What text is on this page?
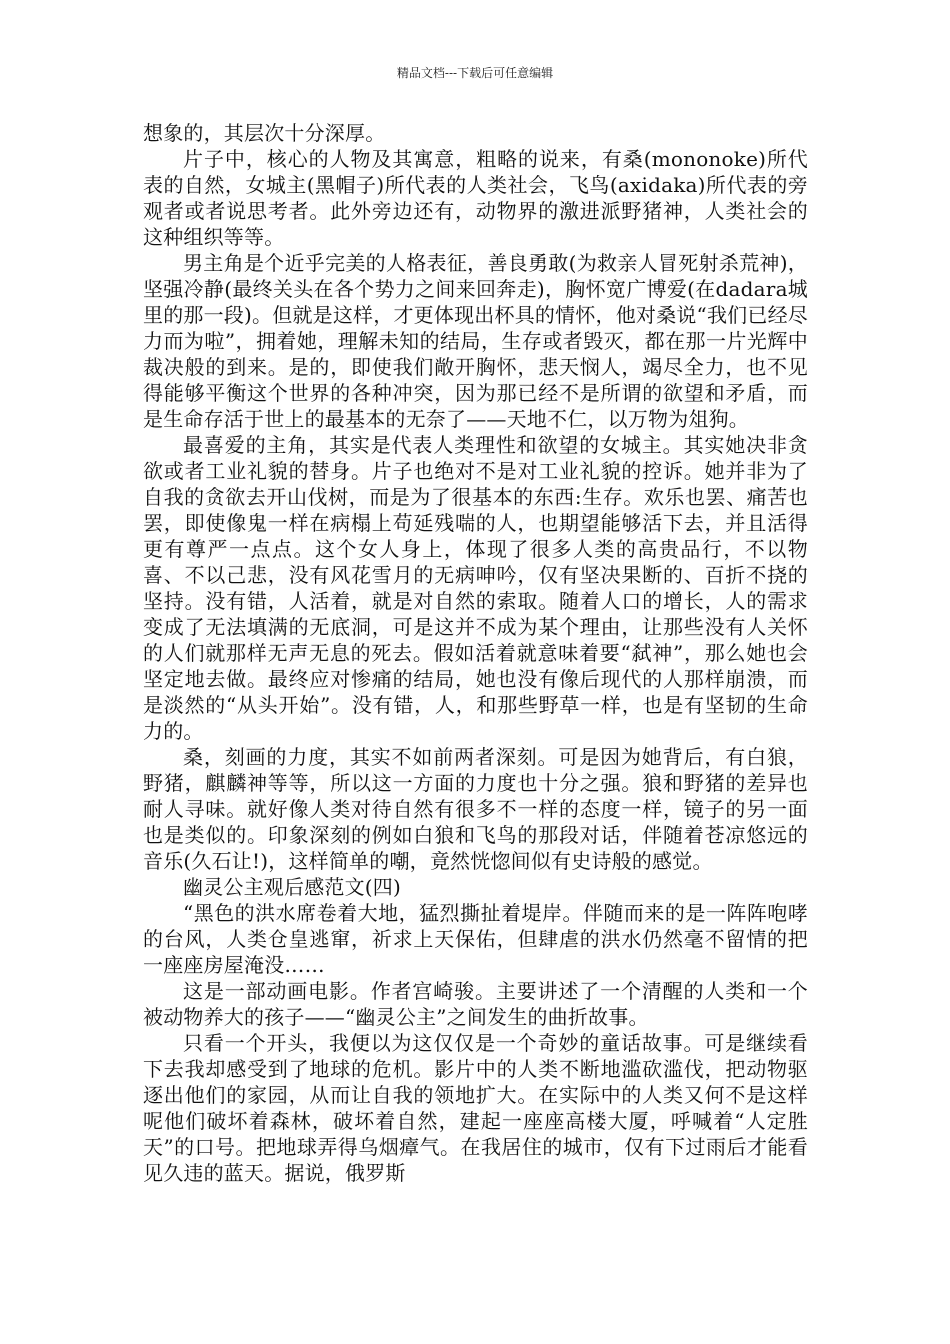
精品文档---下载后可任意编辑

想象的，其层次十分深厚。

片子中，核心的人物及其寓意，粗略的说来，有桑(mononoke)所代表的自然，女城主(黑帽子)所代表的人类社会，飞鸟(axidaka)所代表的旁观者或者说思考者。此外旁边还有，动物界的激进派野猪神，人类社会的这种组织等等。

男主角是个近乎完美的人格表征，善良勇敢(为救亲人冒死射杀荒神)，坚强冷静(最终关头在各个势力之间来回奔走)，胸怀宽广博爱(在dadara城里的那一段)。但就是这样，才更体现出杯具的情怀，他对桑说“我们已经尽力而为啦”，拥着她，理解未知的结局，生存或者毁灭，都在那一片光辉中裁决般的到来。是的，即使我们敞开胸怀，悲天悯人，竭尽全力，也不见得能够平衡这个世界的各种冲突，因为那已经不是所谓的欲望和矛盾，而是生命存活于世上的最基本的无奈了——天地不仁，以万物为俎狗。

最喜爱的主角，其实是代表人类理性和欲望的女城主。其实她决非贪欲或者工业礼貌的替身。片子也绝对不是对工业礼貌的控诉。她并非为了自我的贪欲去开山伐树，而是为了很基本的东西:生存。欢乐也罢、痛苦也罢，即使像鬼一样在病榻上苟延残喘的人，也期望能够活下去，并且活得更有尊严一点点。这个女人身上，体现了很多人类的高贵品行，不以物喜、不以己悲，没有风花雪月的无病呻吟，仅有坚决果断的、百折不挠的坚持。没有错，人活着，就是对自然的索取。随着人口的增长，人的需求变成了无法填满的无底洞，可是这并不成为某个理由，让那些没有人关怀的人们就那样无声无息的死去。假如活着就意味着要“弑神”，那么她也会坚定地去做。最终应对惨痛的结局，她也没有像后现代的人那样崩溃，而是淡然的“从头开始”。没有错，人，和那些野草一样，也是有坚韧的生命力的。

桑，刻画的力度，其实不如前两者深刻。可是因为她背后，有白狼，野猪，麒麟神等等，所以这一方面的力度也十分之强。狼和野猪的差异也耐人寻味。就好像人类对待自然有很多不一样的态度一样，镜子的另一面也是类似的。印象深刻的例如白狼和飞鸟的那段对话，伴随着苍凉悠远的音乐(久石让!)，这样简单的嘲，竟然恍惚间似有史诗般的感觉。

幽灵公主观后感范文(四)

“黑色的洪水席卷着大地，猛烈撕扯着堤岸。伴随而来的是一阵阵咆哮的台风，人类仓皇逃窜，祈求上天保佑，但肆虐的洪水仍然毫不留情的把一座座房屋淹没……

这是一部动画电影。作者宫崎骏。主要讲述了一个清醒的人类和一个被动物养大的孩子——“幽灵公主”之间发生的曲折故事。

只看一个开头，我便以为这仅仅是一个奇妙的童话故事。可是继续看下去我却感受到了地球的危机。影片中的人类不断地滥砍滥伐，把动物驱逐出他们的家园，从而让自我的领地扩大。在实际中的人类又何不是这样呢他们破坏着森林，破坏着自然，建起一座座高楼大厦，呼喊着“人定胜天”的口号。把地球弄得乌烟瘴气。在我居住的城市，仅有下过雨后才能看见久违的蓝天。据说，俄罗斯
